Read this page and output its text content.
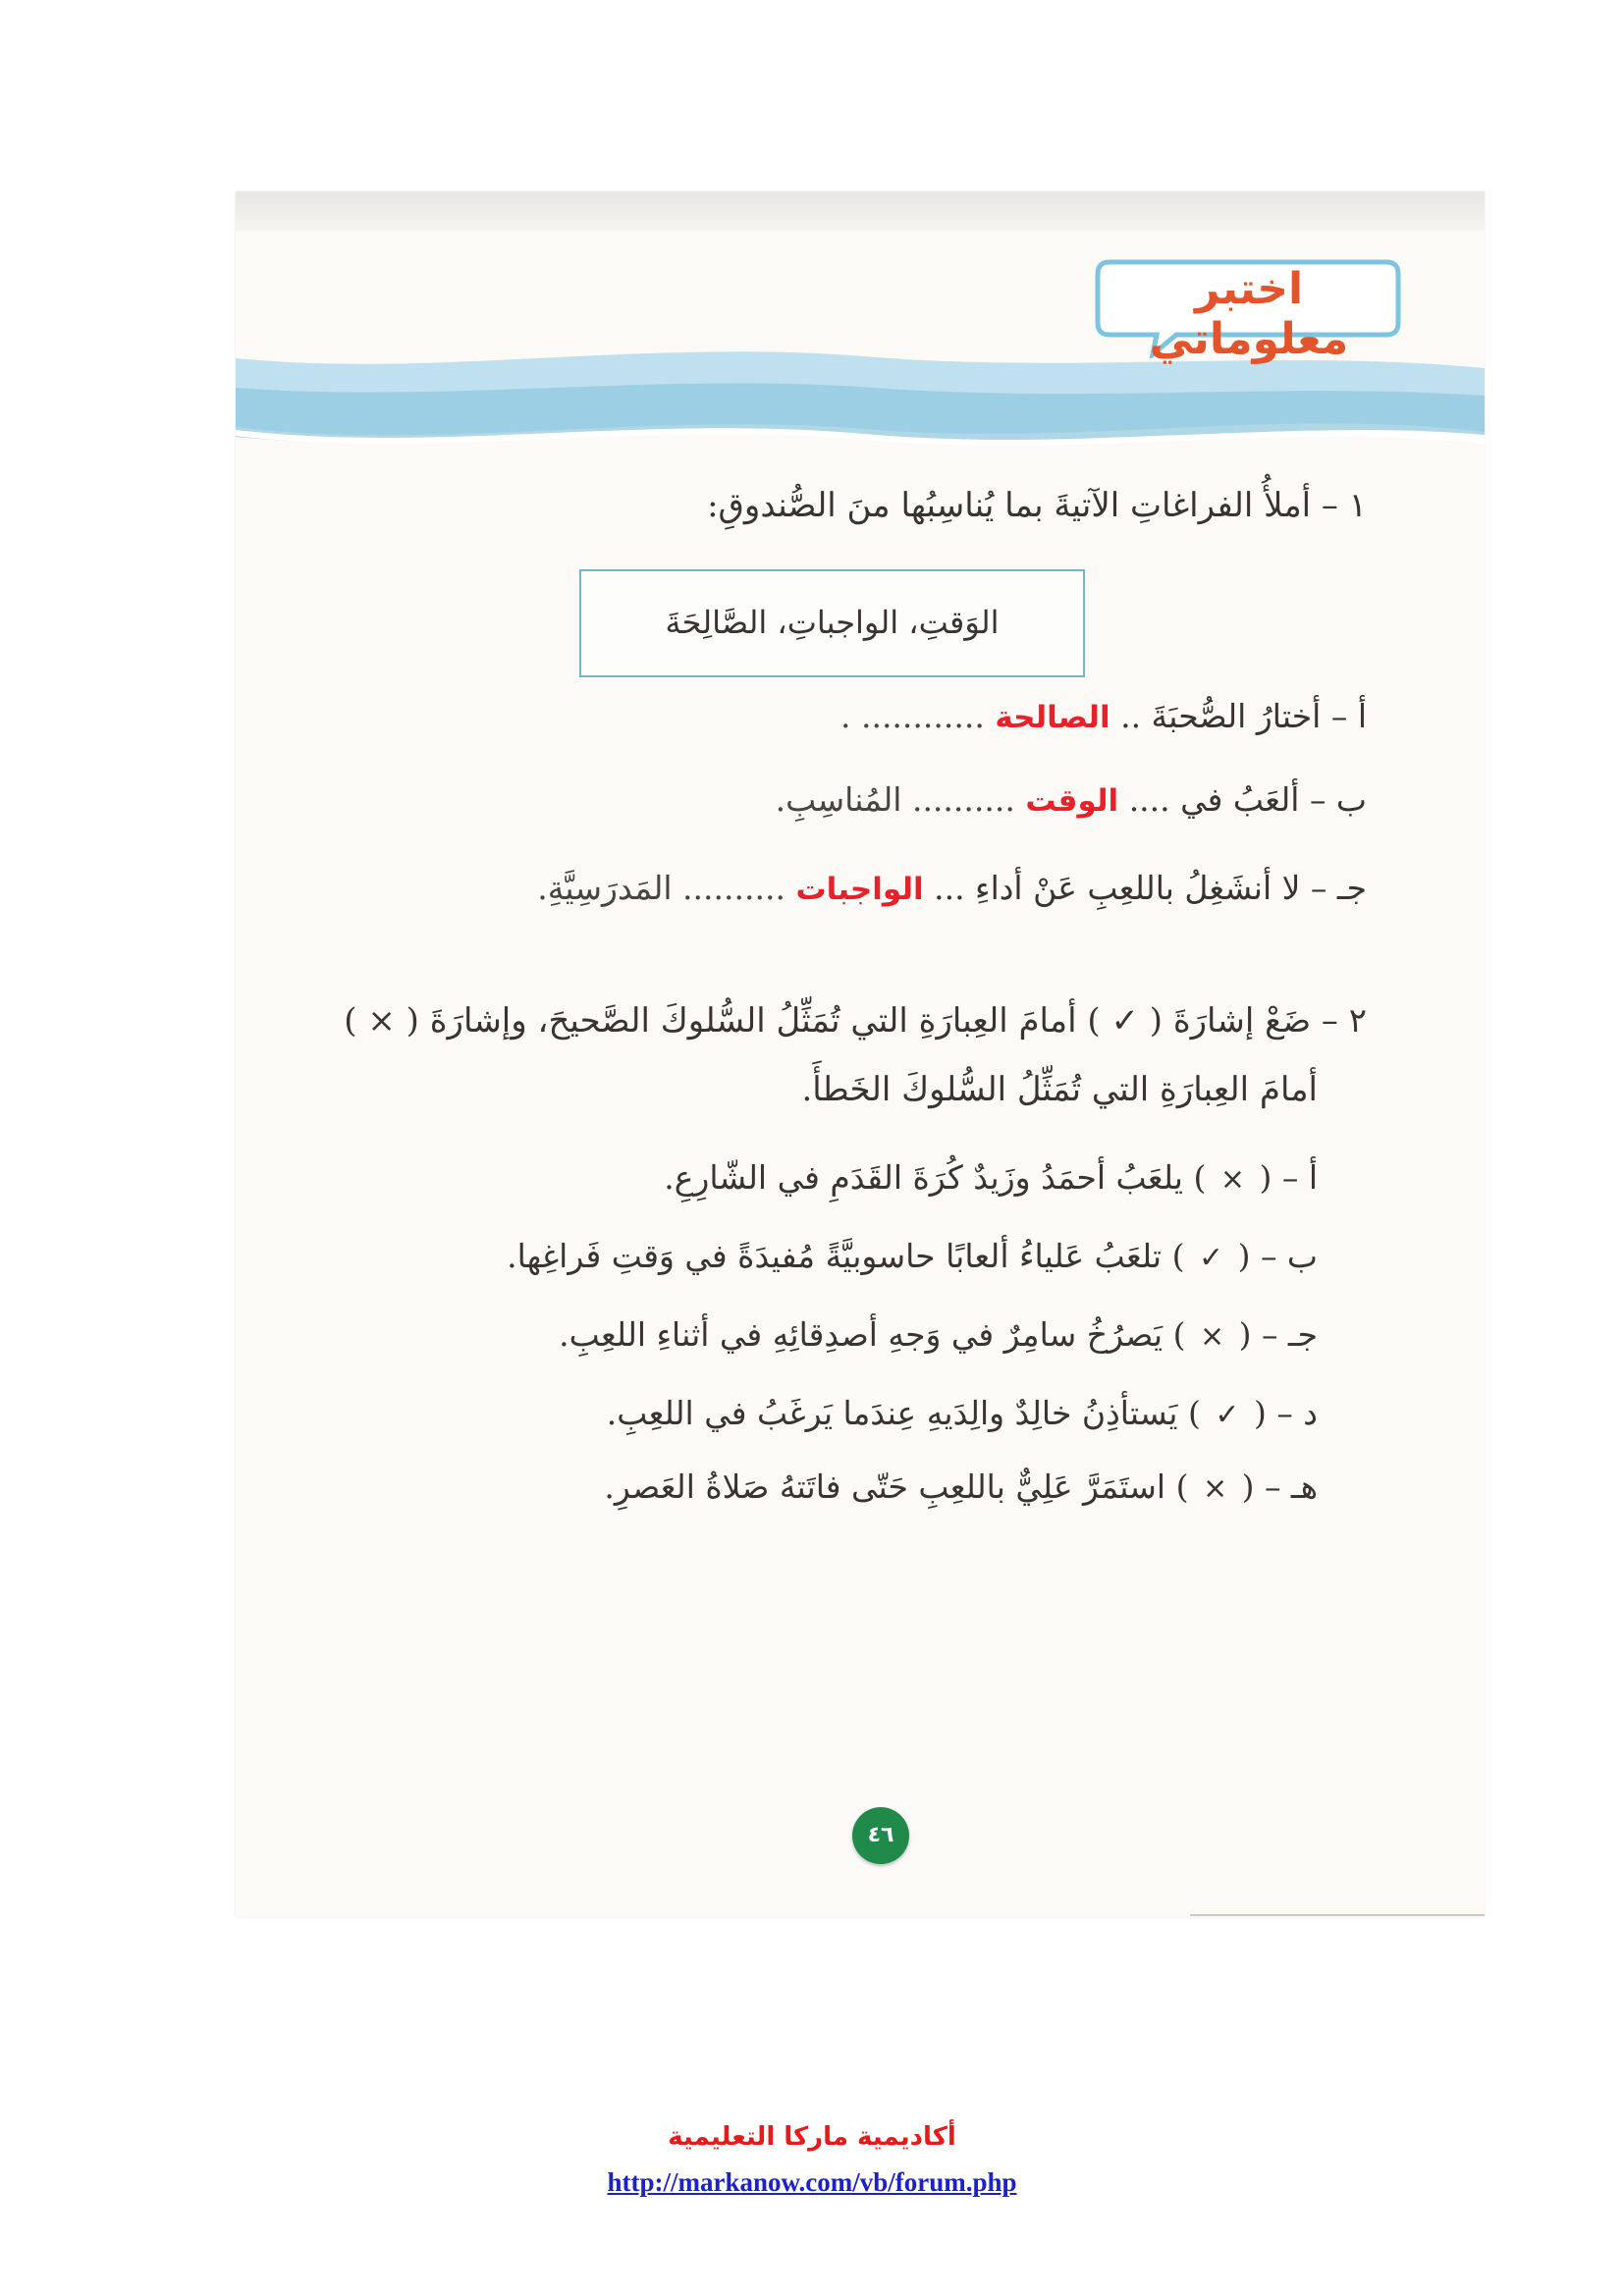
اختبر معلوماتي
١ – أملأُ الفراغاتِ الآتيةَ بما يُناسِبُها منَ الصُّندوقِ:
الوَقتِ، الواجباتِ، الصَّالِحَةَ
أ – أختارُ الصُّحبَةَ .. الصالحة ............ .
ب – ألعَبُ في .... الوقت .......... المُناسِبِ.
جـ – لا أنشَغِلُ باللعِبِ عَنْ أداءِ ... الواجبات .......... المَدرَسِيَّةِ.
٢ – ضَعْ إشارَةَ ( ✓ ) أمامَ العِبارَةِ التي تُمَثِّلُ السُّلوكَ الصَّحيحَ، وإشارَةَ ( × )
أمامَ العِبارَةِ التي تُمَثِّلُ السُّلوكَ الخَطأَ.
أ – ( × ) يلعَبُ أحمَدُ وزَيدٌ كُرَةَ القَدَمِ في الشّارِعِ.
ب – ( ✓ ) تلعَبُ عَلياءُ ألعابًا حاسوبيَّةً مُفيدَةً في وَقتِ فَراغِها.
جـ – ( × ) يَصرُخُ سامِرٌ في وَجهِ أصدِقائِهِ في أثناءِ اللعِبِ.
د – ( ✓ ) يَستأذِنُ خالِدٌ والِدَيهِ عِندَما يَرغَبُ في اللعِبِ.
هـ – ( × ) استَمَرَّ عَلِيٌّ باللعِبِ حَتّى فاتَتهُ صَلاةُ العَصرِ.
٤٦
أكاديمية ماركا التعليمية
http://markanow.com/vb/forum.php
